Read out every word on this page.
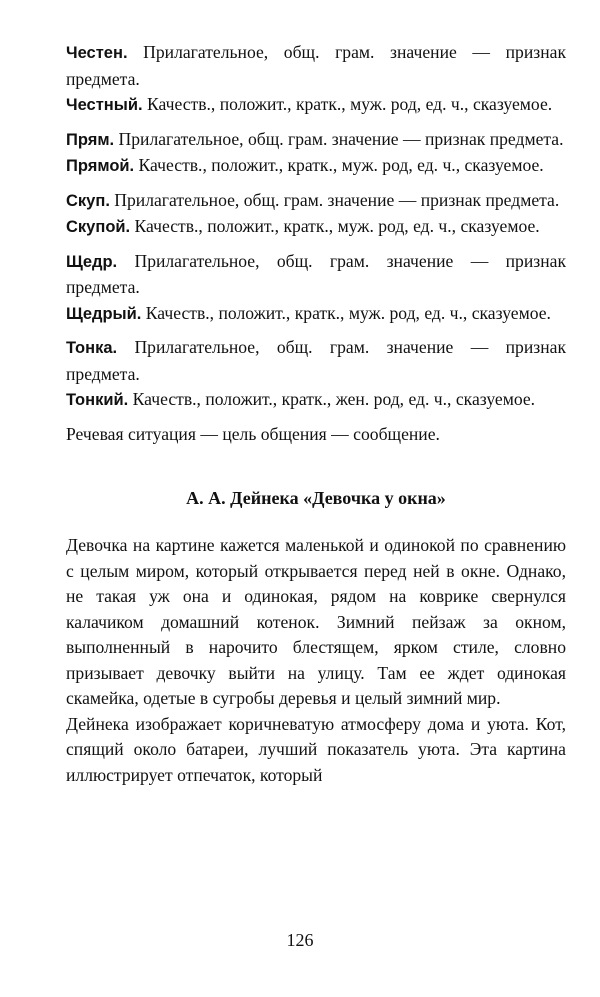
Честен. Прилагательное, общ. грам. значение — признак предмета.

Честный. Качеств., положит., кратк., муж. род, ед. ч., сказуемое.

Прям. Прилагательное, общ. грам. значение — признак предмета.

Прямой. Качеств., положит., кратк., муж. род, ед. ч., сказуемое.

Скуп. Прилагательное, общ. грам. значение — признак предмета.

Скупой. Качеств., положит., кратк., муж. род, ед. ч., сказуемое.

Щедр. Прилагательное, общ. грам. значение — признак предмета.

Щедрый. Качеств., положит., кратк., муж. род, ед. ч., сказуемое.

Тонка. Прилагательное, общ. грам. значение — признак предмета.

Тонкий. Качеств., положит., кратк., жен. род, ед. ч., сказуемое.

Речевая ситуация — цель общения — сообщение.

А. А. Дейнека «Девочка у окна»

Девочка на картине кажется маленькой и одинокой по сравнению с целым миром, который открывается перед ней в окне. Однако, не такая уж она и одинокая, рядом на коврике свернулся калачиком домашний котенок. Зимний пейзаж за окном, выполненный в нарочито блестящем, ярком стиле, словно призывает девочку выйти на улицу. Там ее ждет одинокая скамейка, одетые в сугробы деревья и целый зимний мир.

Дейнека изображает коричневатую атмосферу дома и уюта. Кот, спящий около батареи, лучший показатель уюта. Эта картина иллюстрирует отпечаток, который

126
